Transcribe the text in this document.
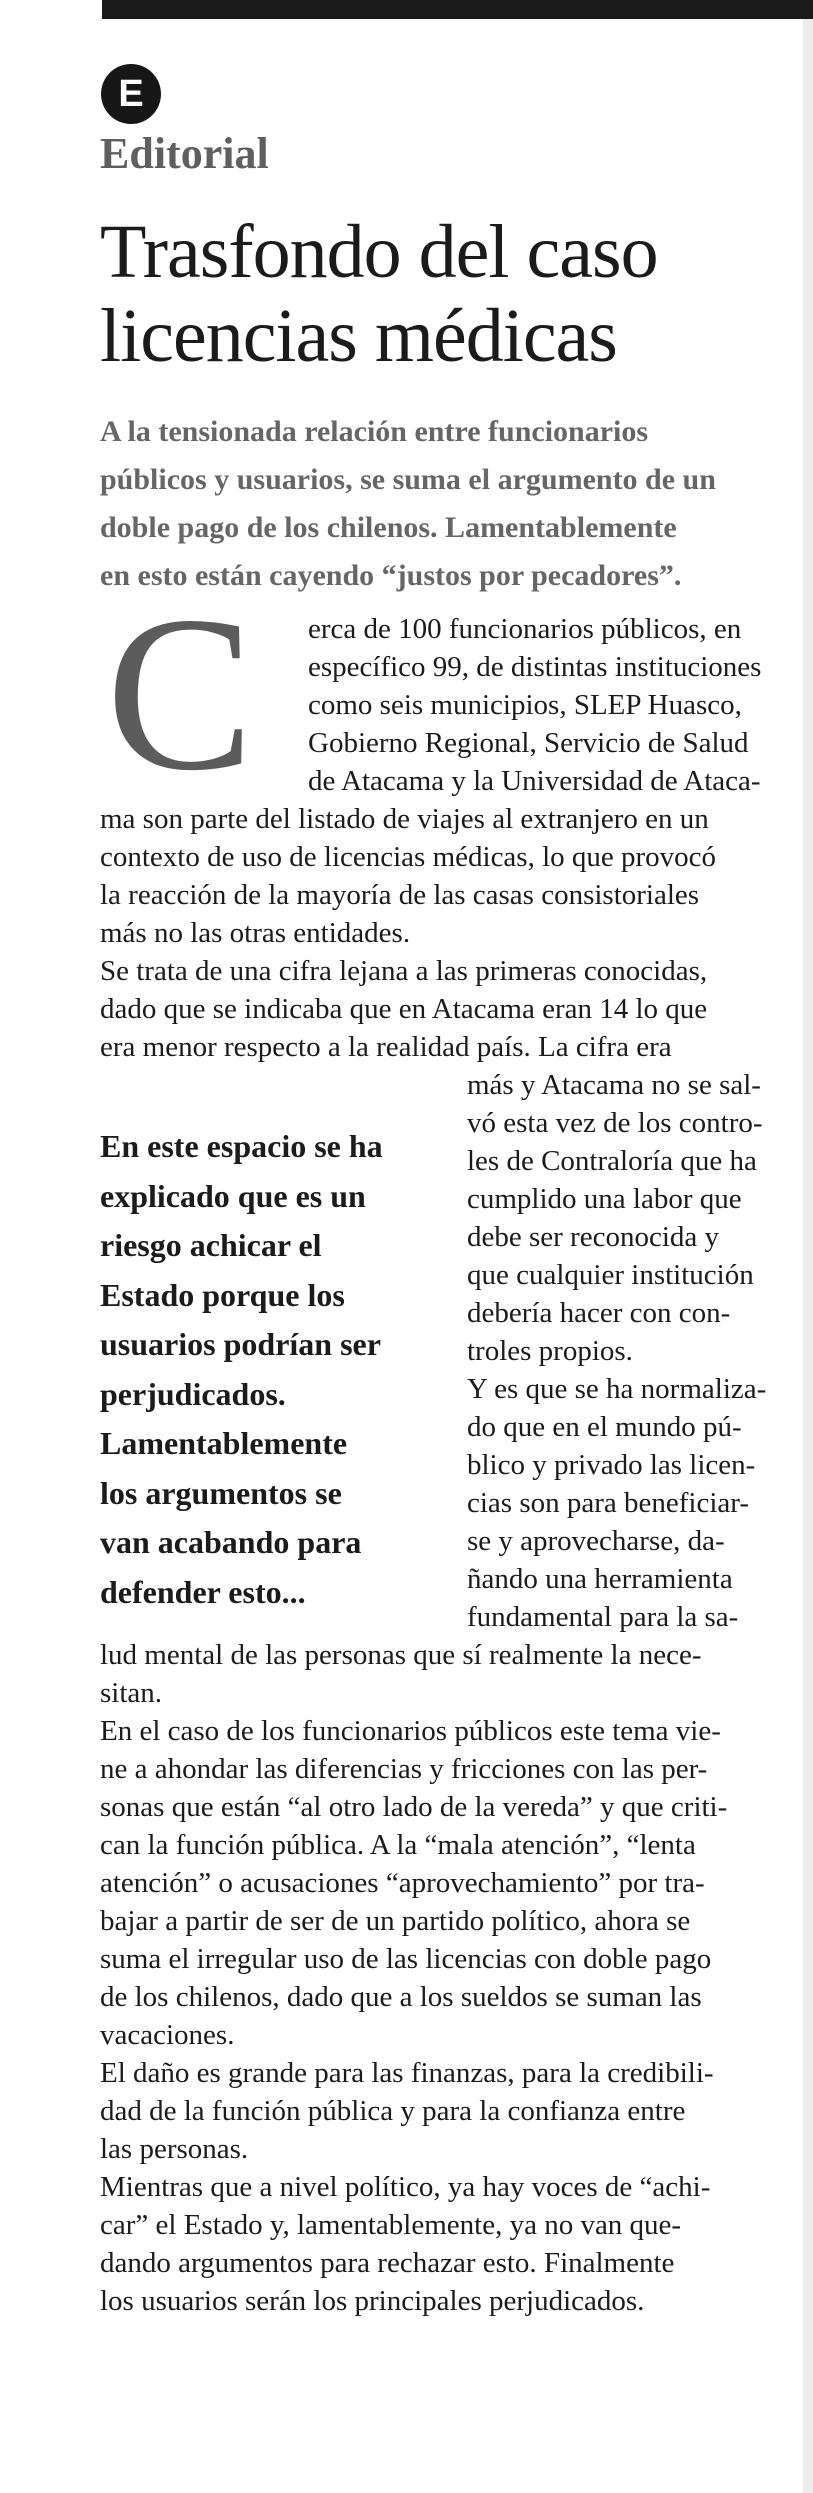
E
Editorial
Trasfondo del caso
licencias médicas

A la tensionada relación entre funcionarios
públicos y usuarios, se suma el argumento de un
doble pago de los chilenos. Lamentablemente
en esto están cayendo “justos por pecadores”.

C erca de 100 funcionarios públicos, en

específico 99, de distintas instituciones

como seis municipios, SLEP Huasco,

Gobierno Regional, Servicio de Salud

de Atacama y la Universidad de Ataca-

ma son parte del listado de viajes al extranjero en un

contexto de uso de licencias médicas, lo que provocó

la reacción de la mayoría de las casas consistoriales

más no las otras entidades.

Se trata de una cifra lejana a las primeras conocidas,

dado que se indicaba que en Atacama eran 14 lo que

era menor respecto a la realidad país. La cifra era

más y Atacama no se sal-

vó esta vez de los contro-

les de Contraloría que ha

cumplido una labor que

debe ser reconocida y

que cualquier institución

debería hacer con con-

troles propios.

Y es que se ha normaliza-

do que en el mundo pú-

blico y privado las licen-

cias son para beneficiar-

se y aprovecharse, da-

ñando una herramienta

fundamental para la sa-

lud mental de las personas que sí realmente la nece-

sitan.

En el caso de los funcionarios públicos este tema vie-

ne a ahondar las diferencias y fricciones con las per-

sonas que están “al otro lado de la vereda” y que criti-

can la función pública. A la “mala atención”, “lenta

atención” o acusaciones “aprovechamiento” por tra-

bajar a partir de ser de un partido político, ahora se

suma el irregular uso de las licencias con doble pago

de los chilenos, dado que a los sueldos se suman las

vacaciones.

El daño es grande para las finanzas, para la credibili-

dad de la función pública y para la confianza entre

las personas.

Mientras que a nivel político, ya hay voces de “achi-

car” el Estado y, lamentablemente, ya no van que-

dando argumentos para rechazar esto. Finalmente

los usuarios serán los principales perjudicados.

En este espacio se ha
explicado que es un
riesgo achicar el
Estado porque los
usuarios podrían ser
perjudicados.
Lamentablemente
los argumentos se
van acabando para
defender esto...
